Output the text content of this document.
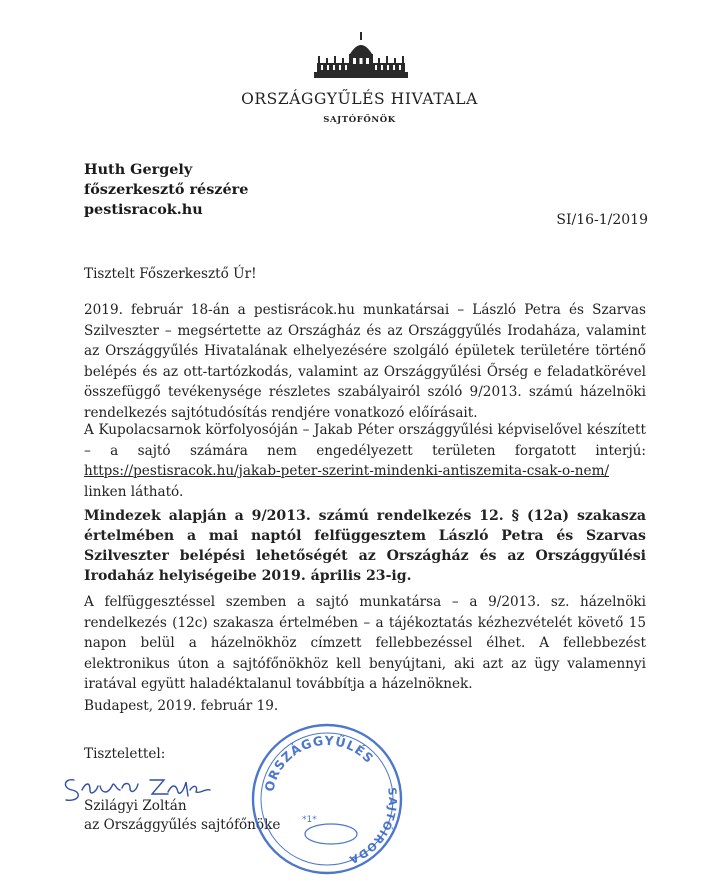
ORSZÁGGYŰLÉS HIVATALA
SAJTÓFŐNÖK
Huth Gergely
főszerkesztő részére
pestisracok.hu
SI/16-1/2019
Tisztelt Főszerkesztő Úr!
2019. február 18-án a pestisrácok.hu munkatársai – László Petra és Szarvas Szilveszter – megsértette az Országház és az Országgyűlés Irodaháza, valamint az Országgyűlés Hivatalának elhelyezésére szolgáló épületek területére történő belépés és az ott-tartózkodás, valamint az Országgyűlési Őrség e feladatkörével összefüggő tevékenysége részletes szabályairól szóló 9/2013. számú házelnöki rendelkezés sajtótudósítás rendjére vonatkozó előírásait.
A Kupolacsarnok körfolyosóján – Jakab Péter országgyűlési képviselővel készített – a sajtó számára nem engedélyezett területen forgatott interjú: https://pestisracok.hu/jakab-peter-szerint-mindenki-antiszemita-csak-o-nem/ linken látható.
Mindezek alapján a 9/2013. számú rendelkezés 12. § (12a) szakasza értelmében a mai naptól felfüggesztem László Petra és Szarvas Szilveszter belépési lehetőségét az Országház és az Országgyűlési Irodaház helyiségeibe 2019. április 23-ig.
A felfüggesztéssel szemben a sajtó munkatársa – a 9/2013. sz. házelnöki rendelkezés (12c) szakasza értelmében – a tájékoztatás kézhezvételét követő 15 napon belül a házelnökhöz címzett fellebbezéssel élhet. A fellebbezést elektronikus úton a sajtófőnökhöz kell benyújtani, aki azt az ügy valamennyi iratával együtt haladéktalanul továbbítja a házelnöknek.
Budapest, 2019. február 19.
Tisztelettel:
Szilágyi Zoltán
az Országgyűlés sajtófőnöke
ORSZÁGGYŰLÉS
SAJTÓIRODA
*1*
